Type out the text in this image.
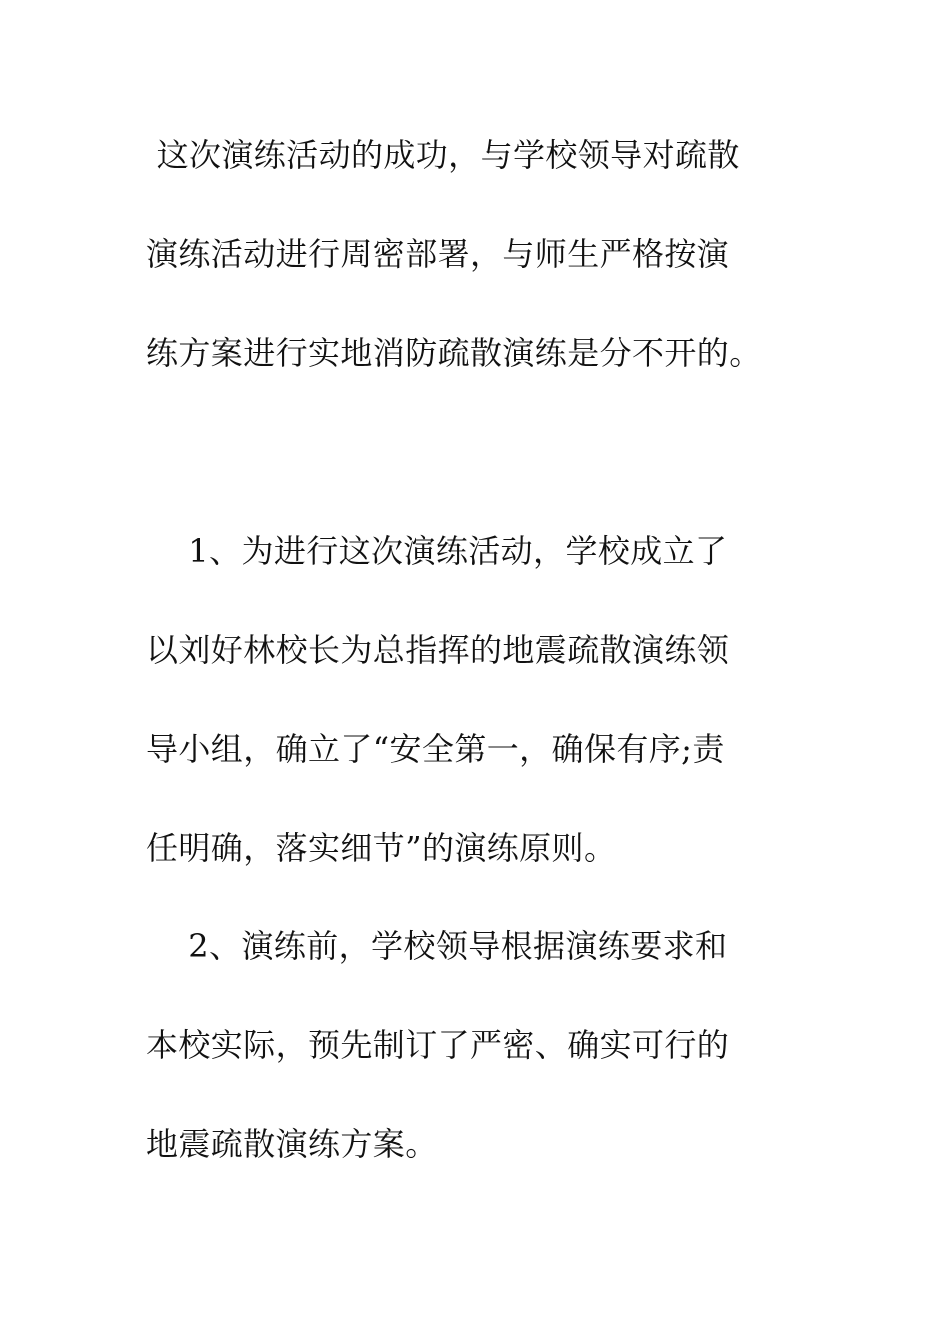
这次演练活动的成功，与学校领导对疏散
演练活动进行周密部署，与师生严格按演
练方案进行实地消防疏散演练是分不开的。
1、为进行这次演练活动，学校成立了
以刘好林校长为总指挥的地震疏散演练领
导小组，确立了“安全第一，确保有序;责
任明确，落实细节”的演练原则。
2、演练前，学校领导根据演练要求和
本校实际，预先制订了严密、确实可行的
地震疏散演练方案。
